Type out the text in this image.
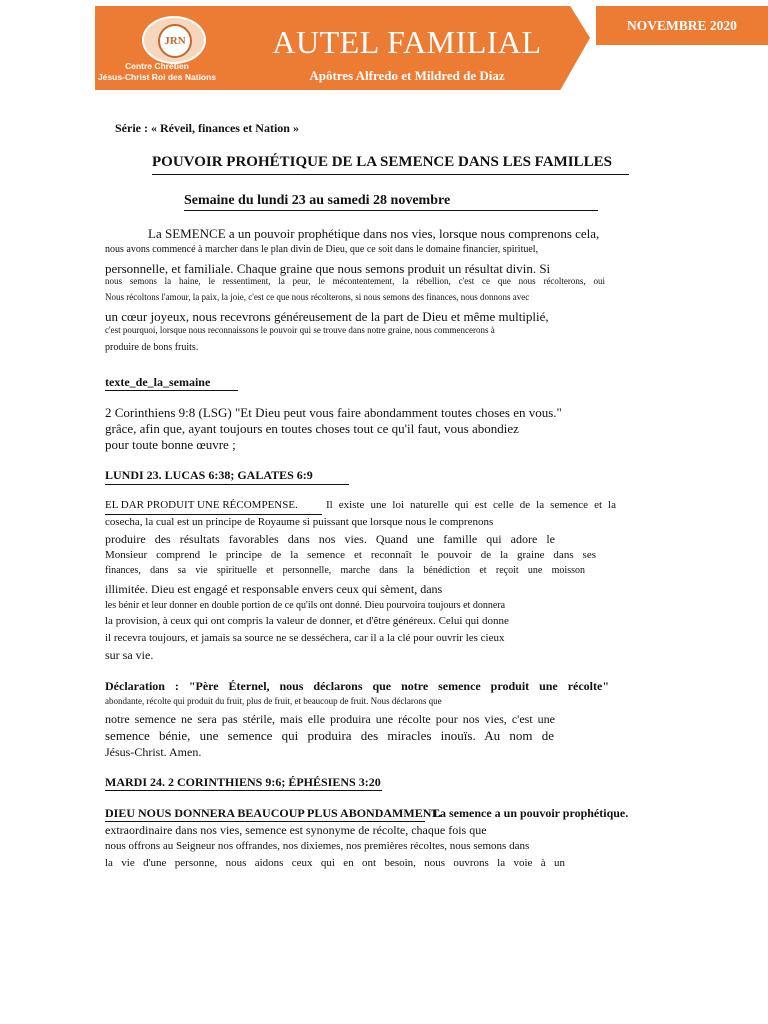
JRN
Centre Chrétien
Jésus-Christ Roi des Nations
AUTEL FAMILIAL
Apôtres Alfredo et Mildred de Diaz
NOVEMBRE 2020
Série : « Réveil, finances et Nation »
POUVOIR PROHÉTIQUE DE LA SEMENCE DANS LES FAMILLES
Semaine du lundi 23 au samedi 28 novembre
La SEMENCE a un pouvoir prophétique dans nos vies, lorsque nous comprenons cela,
nous avons commencé à marcher dans le plan divin de Dieu, que ce soit dans le domaine financier, spirituel,
personnelle, et familiale. Chaque graine que nous semons produit un résultat divin. Si
nous semons la haine, le ressentiment, la peur, le mécontentement, la rébellion, c'est ce que nous récolterons, oui
Nous récoltons l'amour, la paix, la joie, c'est ce que nous récolterons, si nous semons des finances, nous donnons avec
un cœur joyeux, nous recevrons généreusement de la part de Dieu et même multiplié,
c'est pourquoi, lorsque nous reconnaissons le pouvoir qui se trouve dans notre graine, nous commencerons à
produire de bons fruits.
texte_de_la_semaine
2 Corinthiens 9:8 (LSG) "Et Dieu peut vous faire abondamment toutes choses en vous."
grâce, afin que, ayant toujours en toutes choses tout ce qu'il faut, vous abondiez
pour toute bonne œuvre ;
LUNDI 23. LUCAS 6:38; GALATES 6:9
EL DAR PRODUIT UNE RÉCOMPENSE.	Il existe une loi naturelle qui est celle de la semence et la
cosecha, la cual est un principe de Royaume si puissant que lorsque nous le comprenons
produire des résultats favorables dans nos vies. Quand une famille qui adore le
Monsieur comprend le principe de la semence et reconnaît le pouvoir de la graine dans ses
finances, dans sa vie spirituelle et personnelle, marche dans la bénédiction et reçoit une moisson
illimitée. Dieu est engagé et responsable envers ceux qui sèment, dans
les bénir et leur donner en double portion de ce qu'ils ont donné. Dieu pourvoira toujours et donnera
la provision, à ceux qui ont compris la valeur de donner, et d'être généreux. Celui qui donne
il recevra toujours, et jamais sa source ne se desséchera, car il a la clé pour ouvrir les cieux
sur sa vie.
Déclaration : "Père Éternel, nous déclarons que notre semence produit une récolte"
abondante, récolte qui produit du fruit, plus de fruit, et beaucoup de fruit. Nous déclarons que
notre semence ne sera pas stérile, mais elle produira une récolte pour nos vies, c'est une
semence bénie, une semence qui produira des miracles inouïs. Au nom de
Jésus-Christ. Amen.
MARDI 24. 2 CORINTHIENS 9:6; ÉPHÉSIENS 3:20
DIEU NOUS DONNERA BEAUCOUP PLUS ABONDAMMENT.
La semence a un pouvoir prophétique.
extraordinaire dans nos vies, semence est synonyme de récolte, chaque fois que
nous offrons au Seigneur nos offrandes, nos dixiemes, nos premières récoltes, nous semons dans
la vie d'une personne, nous aidons ceux qui en ont besoin, nous ouvrons la voie à un
